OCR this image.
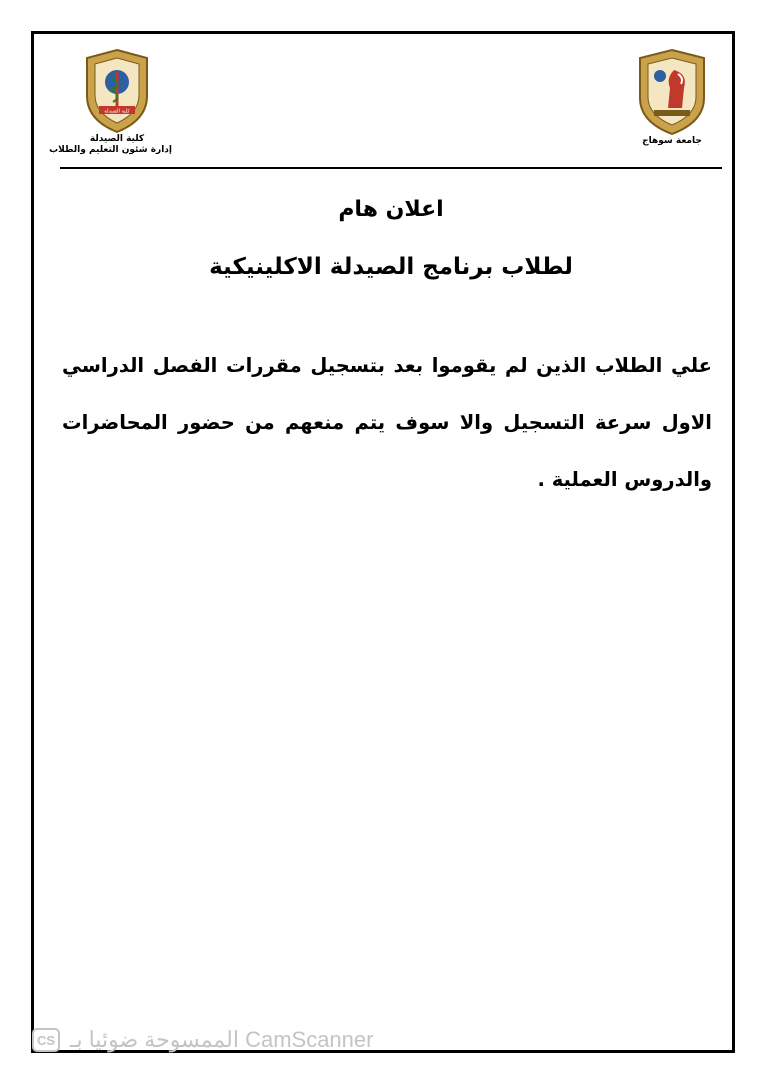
كلية الصيدلة
كلية الصيدلة
إدارة شئون التعليم والطلاب
جامعة سوهاج
اعلان هام
لطلاب برنامج الصيدلة الاكلينيكية
علي الطلاب الذين لم يقوموا بعد بتسجيل مقررات الفصل الدراسي الاول سرعة التسجيل والا سوف يتم منعهم من حضور المحاضرات والدروس العملية .
CS الممسوحة ضوئيا بـ CamScanner
